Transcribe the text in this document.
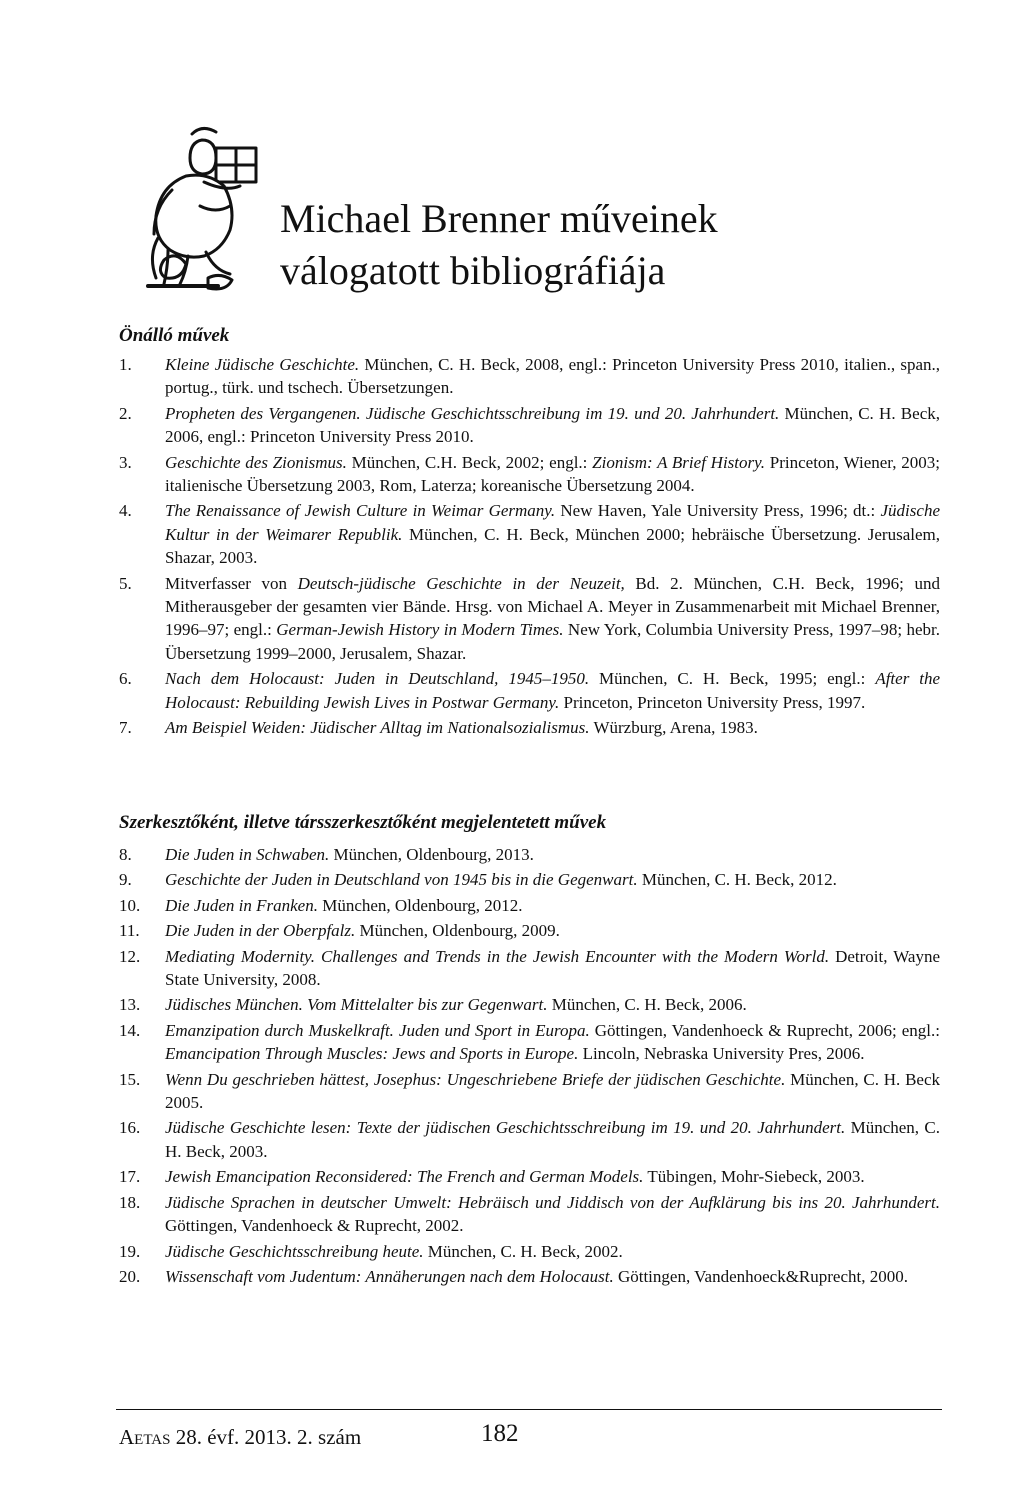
Michael Brenner műveinek
válogatott bibliográfiája
Önálló művek
1.	Kleine Jüdische Geschichte. München, C. H. Beck, 2008, engl.: Princeton University Press 2010, italien., span., portug., türk. und tschech. Übersetzungen.
2.	Propheten des Vergangenen. Jüdische Geschichtsschreibung im 19. und 20. Jahrhundert. München, C. H. Beck, 2006, engl.: Princeton University Press 2010.
3.	Geschichte des Zionismus. München, C.H. Beck, 2002; engl.: Zionism: A Brief History. Princeton, Wiener, 2003; italienische Übersetzung 2003, Rom, Laterza; koreanische Übersetzung 2004.
4.	The Renaissance of Jewish Culture in Weimar Germany. New Haven, Yale University Press, 1996; dt.: Jüdische Kultur in der Weimarer Republik. München, C. H. Beck, München 2000; hebräische Übersetzung. Jerusalem, Shazar, 2003.
5.	Mitverfasser von Deutsch-jüdische Geschichte in der Neuzeit, Bd. 2. München, C.H. Beck, 1996; und Mitherausgeber der gesamten vier Bände. Hrsg. von Michael A. Meyer in Zusammenarbeit mit Michael Brenner, 1996–97; engl.: German-Jewish History in Modern Times. New York, Columbia University Press, 1997–98; hebr. Übersetzung 1999–2000, Jerusalem, Shazar.
6.	Nach dem Holocaust: Juden in Deutschland, 1945–1950. München, C. H. Beck, 1995; engl.: After the Holocaust: Rebuilding Jewish Lives in Postwar Germany. Princeton, Princeton University Press, 1997.
7.	Am Beispiel Weiden: Jüdischer Alltag im Nationalsozialismus. Würzburg, Arena, 1983.
Szerkesztőként, illetve társszerkesztőként megjelentetett művek
8.	Die Juden in Schwaben. München, Oldenbourg, 2013.
9.	Geschichte der Juden in Deutschland von 1945 bis in die Gegenwart. München, C. H. Beck, 2012.
10.	Die Juden in Franken. München, Oldenbourg, 2012.
11.	Die Juden in der Oberpfalz. München, Oldenbourg, 2009.
12.	Mediating Modernity. Challenges and Trends in the Jewish Encounter with the Modern World. Detroit, Wayne State University, 2008.
13.	Jüdisches München. Vom Mittelalter bis zur Gegenwart. München, C. H. Beck, 2006.
14.	Emanzipation durch Muskelkraft. Juden und Sport in Europa. Göttingen, Vandenhoeck & Ruprecht, 2006; engl.: Emancipation Through Muscles: Jews and Sports in Europe. Lincoln, Nebraska University Pres, 2006.
15.	Wenn Du geschrieben hättest, Josephus: Ungeschriebene Briefe der jüdischen Geschichte. München, C. H. Beck 2005.
16.	Jüdische Geschichte lesen: Texte der jüdischen Geschichtsschreibung im 19. und 20. Jahrhundert. München, C. H. Beck, 2003.
17.	Jewish Emancipation Reconsidered: The French and German Models. Tübingen, Mohr-Siebeck, 2003.
18.	Jüdische Sprachen in deutscher Umwelt: Hebräisch und Jiddisch von der Aufklärung bis ins 20. Jahrhundert. Göttingen, Vandenhoeck & Ruprecht, 2002.
19.	Jüdische Geschichtsschreibung heute. München, C. H. Beck, 2002.
20.	Wissenschaft vom Judentum: Annäherungen nach dem Holocaust. Göttingen, Vandenhoeck&Ruprecht, 2000.
Aetas 28. évf. 2013. 2. szám	182
